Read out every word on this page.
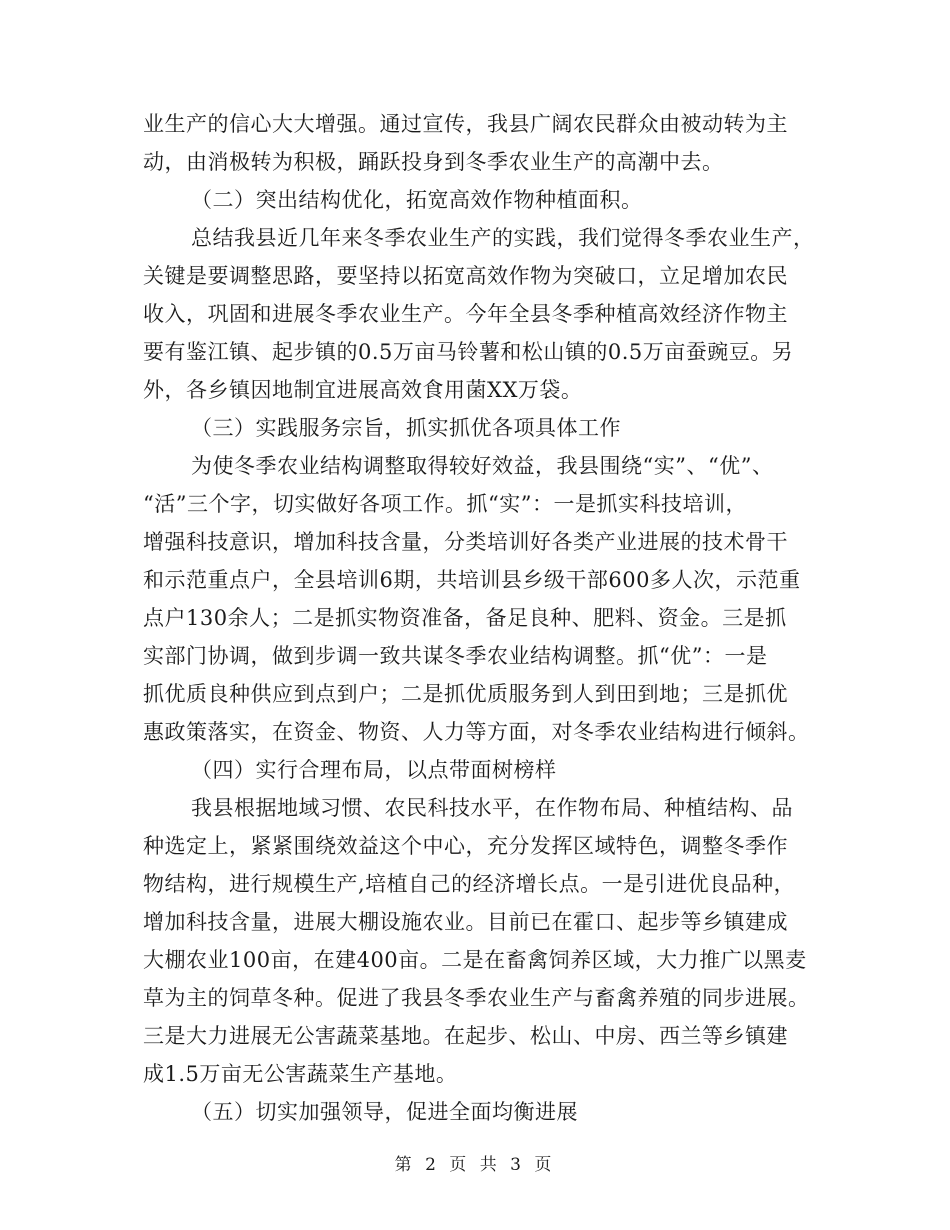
业生产的信心大大增强。通过宣传，我县广阔农民群众由被动转为主
动，由消极转为积极，踊跃投身到冬季农业生产的高潮中去。
（二）突出结构优化，拓宽高效作物种植面积。
总结我县近几年来冬季农业生产的实践，我们觉得冬季农业生产，
关键是要调整思路，要坚持以拓宽高效作物为突破口，立足增加农民
收入，巩固和进展冬季农业生产。今年全县冬季种植高效经济作物主
要有鉴江镇、起步镇的0.5万亩马铃薯和松山镇的0.5万亩蚕豌豆。另
外，各乡镇因地制宜进展高效食用菌XX万袋。
（三）实践服务宗旨，抓实抓优各项具体工作
为使冬季农业结构调整取得较好效益，我县围绕“实”、“优”、
“活”三个字，切实做好各项工作。抓“实”：一是抓实科技培训，
增强科技意识，增加科技含量，分类培训好各类产业进展的技术骨干
和示范重点户，全县培训6期，共培训县乡级干部600多人次，示范重
点户130余人；二是抓实物资准备，备足良种、肥料、资金。三是抓
实部门协调，做到步调一致共谋冬季农业结构调整。抓“优”：一是
抓优质良种供应到点到户；二是抓优质服务到人到田到地；三是抓优
惠政策落实，在资金、物资、人力等方面，对冬季农业结构进行倾斜。
（四）实行合理布局，以点带面树榜样
我县根据地域习惯、农民科技水平，在作物布局、种植结构、品
种选定上，紧紧围绕效益这个中心，充分发挥区域特色，调整冬季作
物结构，进行规模生产,培植自己的经济增长点。一是引进优良品种，
增加科技含量，进展大棚设施农业。目前已在霍口、起步等乡镇建成
大棚农业100亩，在建400亩。二是在畜禽饲养区域，大力推广以黑麦
草为主的饲草冬种。促进了我县冬季农业生产与畜禽养殖的同步进展。
三是大力进展无公害蔬菜基地。在起步、松山、中房、西兰等乡镇建
成1.5万亩无公害蔬菜生产基地。
（五）切实加强领导，促进全面均衡进展
第 2 页 共 3 页
